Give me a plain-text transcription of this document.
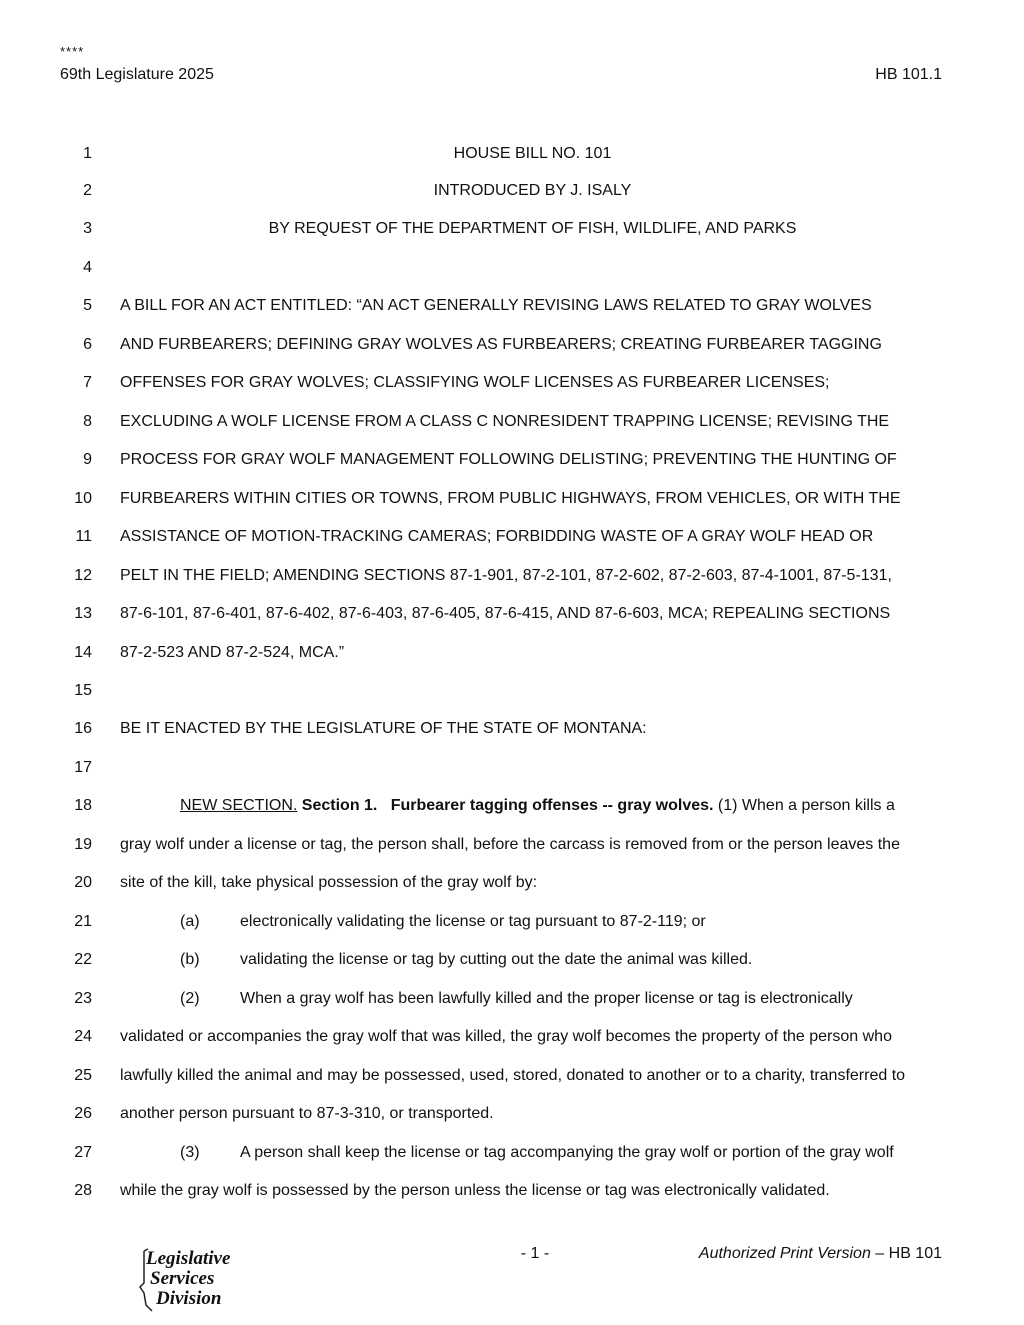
****
69th Legislature 2025	HB 101.1
1	HOUSE BILL NO. 101
2	INTRODUCED BY J. ISALY
3	BY REQUEST OF THE DEPARTMENT OF FISH, WILDLIFE, AND PARKS
4
5 A BILL FOR AN ACT ENTITLED: “AN ACT GENERALLY REVISING LAWS RELATED TO GRAY WOLVES
6 AND FURBEARERS; DEFINING GRAY WOLVES AS FURBEARERS; CREATING FURBEARER TAGGING
7 OFFENSES FOR GRAY WOLVES; CLASSIFYING WOLF LICENSES AS FURBEARER LICENSES;
8 EXCLUDING A WOLF LICENSE FROM A CLASS C NONRESIDENT TRAPPING LICENSE; REVISING THE
9 PROCESS FOR GRAY WOLF MANAGEMENT FOLLOWING DELISTING; PREVENTING THE HUNTING OF
10 FURBEARERS WITHIN CITIES OR TOWNS, FROM PUBLIC HIGHWAYS, FROM VEHICLES, OR WITH THE
11 ASSISTANCE OF MOTION-TRACKING CAMERAS; FORBIDDING WASTE OF A GRAY WOLF HEAD OR
12 PELT IN THE FIELD; AMENDING SECTIONS 87-1-901, 87-2-101, 87-2-602, 87-2-603, 87-4-1001, 87-5-131,
13 87-6-101, 87-6-401, 87-6-402, 87-6-403, 87-6-405, 87-6-415, AND 87-6-603, MCA; REPEALING SECTIONS
14 87-2-523 AND 87-2-524, MCA.”
15
16 BE IT ENACTED BY THE LEGISLATURE OF THE STATE OF MONTANA:
17
18	NEW SECTION. Section 1. Furbearer tagging offenses -- gray wolves. (1) When a person kills a
19 gray wolf under a license or tag, the person shall, before the carcass is removed from or the person leaves the
20 site of the kill, take physical possession of the gray wolf by:
21	(a)	electronically validating the license or tag pursuant to 87-2-119; or
22	(b)	validating the license or tag by cutting out the date the animal was killed.
23	(2)	When a gray wolf has been lawfully killed and the proper license or tag is electronically
24 validated or accompanies the gray wolf that was killed, the gray wolf becomes the property of the person who
25 lawfully killed the animal and may be possessed, used, stored, donated to another or to a charity, transferred to
26 another person pursuant to 87-3-310, or transported.
27	(3)	A person shall keep the license or tag accompanying the gray wolf or portion of the gray wolf
28 while the gray wolf is possessed by the person unless the license or tag was electronically validated.
Legislative
Services
Division
- 1 -	Authorized Print Version – HB 101
